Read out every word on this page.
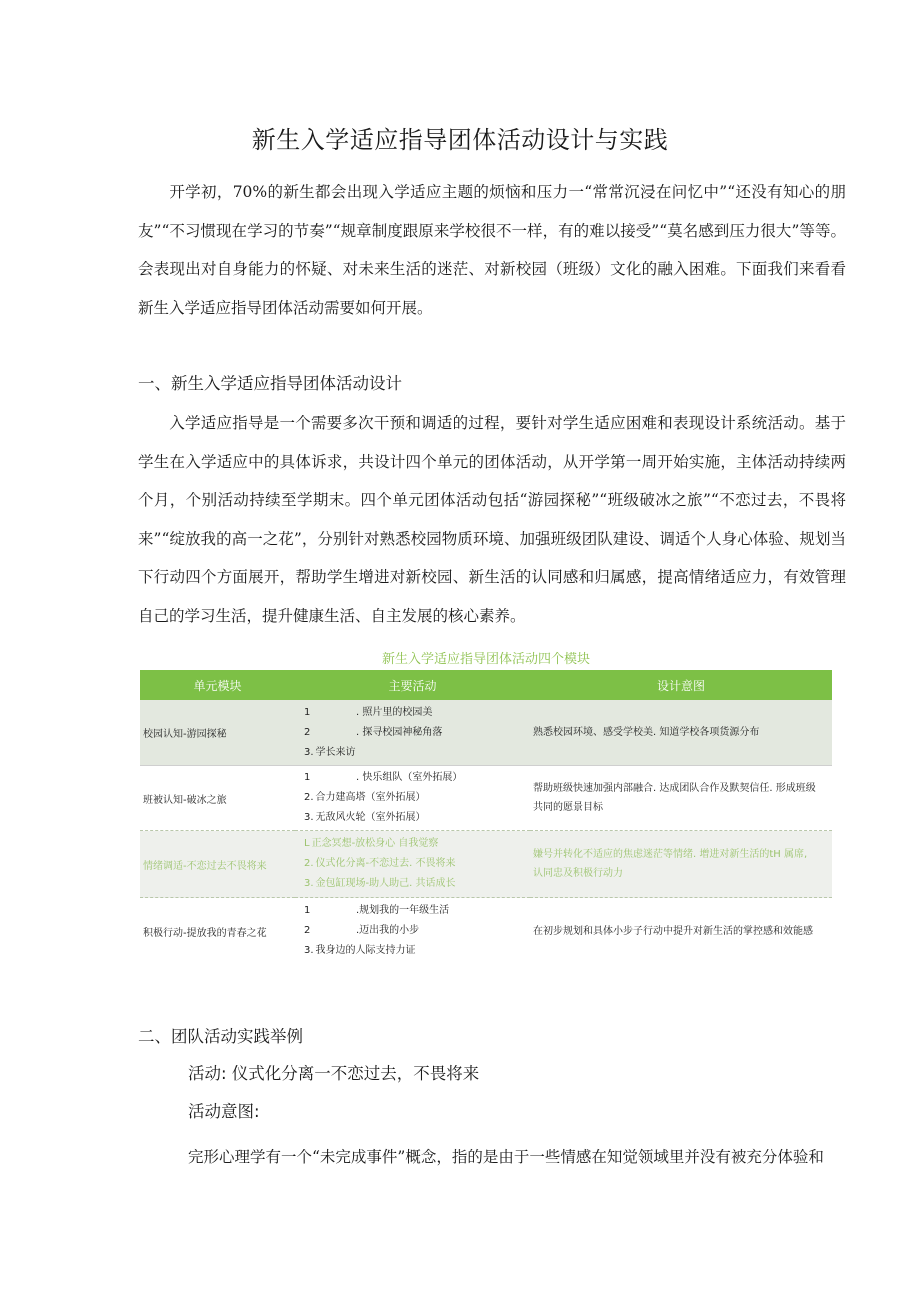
新生入学适应指导团体活动设计与实践
开学初，70%的新生都会出现入学适应主题的烦恼和压力一“常常沉浸在问忆中”“还没有知心的朋友”“不习惯现在学习的节奏”“规章制度跟原来学校很不一样，有的难以接受”“莫名感到压力很大”等等。会表现出对自身能力的怀疑、对未来生活的迷茫、对新校园（班级）文化的融入困难。下面我们来看看新生入学适应指导团体活动需要如何开展。
一、新生入学适应指导团体活动设计
入学适应指导是一个需要多次干预和调适的过程，要针对学生适应困难和表现设计系统活动。基于学生在入学适应中的具体诉求，共设计四个单元的团体活动，从开学第一周开始实施，主体活动持续两个月，个别活动持续至学期末。四个单元团体活动包括“游园探秘”“班级破冰之旅”“不恋过去，不畏将来”“绽放我的高一之花”，分别针对熟悉校园物质环境、加强班级团队建设、调适个人身心体验、规划当下行动四个方面展开，帮助学生增进对新校园、新生活的认同感和归属感，提高情绪适应力，有效管理自己的学习生活，提升健康生活、自主发展的核心素养。
新生入学适应指导团体活动四个模块
单元模块	主要活动	设计意图
校园认知-游园探秘	1 . 照片里的校园美
2 . 探寻校园神秘角落
3. 学长来访	熟悉校园环境、感受学校美. 知道学校各项货源分布
班被认知-破冰之旅	1 . 快乐组队（室外拓展）
2. 合力建高塔（室外拓展）
3. 无敌风火轮（室外拓展）	帮助班级快速加强内部融合. 达成团队合作及默契信任. 形成班级共同的愿景目标
情绪调适-不恋过去不畏将来	L 正念冥想-放松身心 自我觉察
2. 仪式化分离-不恋过去. 不畏将来
3. 金包缸现场-助人助己. 共话成长	嫌号并转化不适应的焦虑迷茫等情绪. 增进对新生活的tH 属席, 认同忠及积极行动力
积极行动-提放我的青春之花	1 .规划我的一年级生活
2 .迈出我的小步
3. 我身边的人际支持力证	在初步规划和具体小步子行动中提升对新生活的掌控感和效能感
二、团队活动实践举例
活动: 仪式化分离一不恋过去，不畏将来
活动意图:
完形心理学有一个“未完成事件”概念，指的是由于一些情感在知觉领域里并没有被充分体验和
